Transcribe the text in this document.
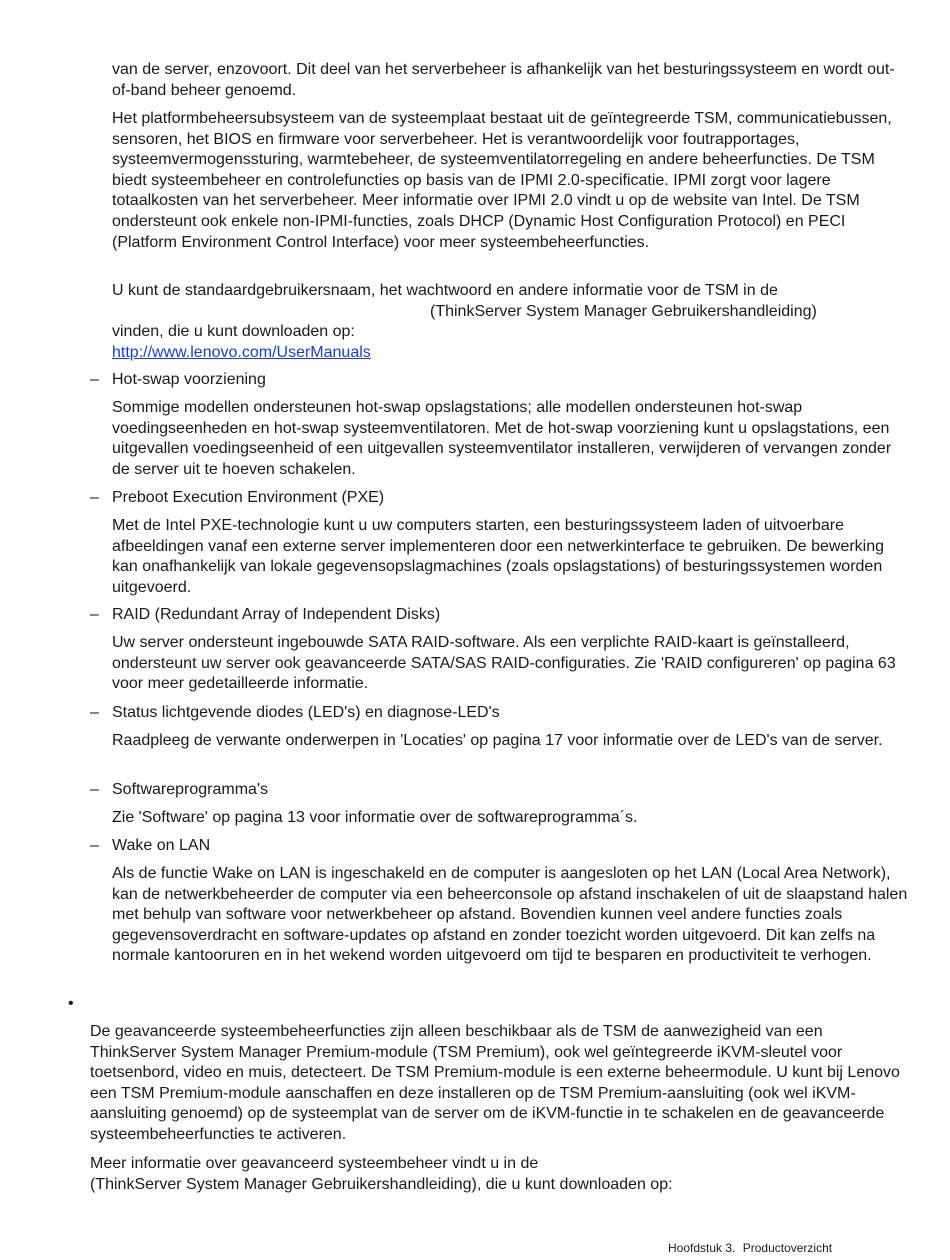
van de server, enzovoort. Dit deel van het serverbeheer is afhankelijk van het besturingssysteem en wordt out-of-band beheer genoemd.

Het platformbeheersubsysteem van de systeemplaat bestaat uit de geïntegreerde TSM, communicatiebussen, sensoren, het BIOS en firmware voor serverbeheer. Het is verantwoordelijk voor foutrapportages, systeemvermogenssturing, warmtebeheer, de systeemventilatorregeling en andere beheerfuncties. De TSM biedt systeembeheer en controlefuncties op basis van de IPMI 2.0-specificatie. IPMI zorgt voor lagere totaalkosten van het serverbeheer. Meer informatie over IPMI 2.0 vindt u op de website van Intel. De TSM ondersteunt ook enkele non-IPMI-functies, zoals DHCP (Dynamic Host Configuration Protocol) en PECI (Platform Environment Control Interface) voor meer systeembeheerfuncties.

U kunt de standaardgebruikersnaam, het wachtwoord en andere informatie voor de TSM in de

(ThinkServer System Manager Gebruikershandleiding)

vinden, die u kunt downloaden op:

http://www.lenovo.com/UserManuals

– Hot-swap voorziening

Sommige modellen ondersteunen hot-swap opslagstations; alle modellen ondersteunen hot-swap voedingseenheden en hot-swap systeemventilatoren. Met de hot-swap voorziening kunt u opslagstations, een uitgevallen voedingseenheid of een uitgevallen systeemventilator installeren, verwijderen of vervangen zonder de server uit te hoeven schakelen.

– Preboot Execution Environment (PXE)

Met de Intel PXE-technologie kunt u uw computers starten, een besturingssysteem laden of uitvoerbare afbeeldingen vanaf een externe server implementeren door een netwerkinterface te gebruiken. De bewerking kan onafhankelijk van lokale gegevensopslagmachines (zoals opslagstations) of besturingssystemen worden uitgevoerd.

– RAID (Redundant Array of Independent Disks)

Uw server ondersteunt ingebouwde SATA RAID-software. Als een verplichte RAID-kaart is geïnstalleerd, ondersteunt uw server ook geavanceerde SATA/SAS RAID-configuraties. Zie 'RAID configureren' op pagina 63 voor meer gedetailleerde informatie.

– Status lichtgevende diodes (LED's) en diagnose-LED's

Raadpleeg de verwante onderwerpen in 'Locaties' op pagina 17 voor informatie over de LED's van de server.

– Softwareprogramma's

Zie 'Software' op pagina 13 voor informatie over de softwareprogramma´s.

– Wake on LAN

Als de functie Wake on LAN is ingeschakeld en de computer is aangesloten op het LAN (Local Area Network), kan de netwerkbeheerder de computer via een beheerconsole op afstand inschakelen of uit de slaapstand halen met behulp van software voor netwerkbeheer op afstand. Bovendien kunnen veel andere functies zoals gegevensoverdracht en software-updates op afstand en zonder toezicht worden uitgevoerd. Dit kan zelfs na normale kantooruren en in het wekend worden uitgevoerd om tijd te besparen en productiviteit te verhogen.

•

De geavanceerde systeembeheerfuncties zijn alleen beschikbaar als de TSM de aanwezigheid van een ThinkServer System Manager Premium-module (TSM Premium), ook wel geïntegreerde iKVM-sleutel voor toetsenbord, video en muis, detecteert. De TSM Premium-module is een externe beheermodule. U kunt bij Lenovo een TSM Premium-module aanschaffen en deze installeren op de TSM Premium-aansluiting (ook wel iKVM-aansluiting genoemd) op de systeemplat van de server om de iKVM-functie in te schakelen en de geavanceerde systeembeheerfuncties te activeren.

Meer informatie over geavanceerd systeembeheer vindt u in de

(ThinkServer System Manager Gebruikershandleiding), die u kunt downloaden op:

Hoofdstuk 3. Productoverzicht
